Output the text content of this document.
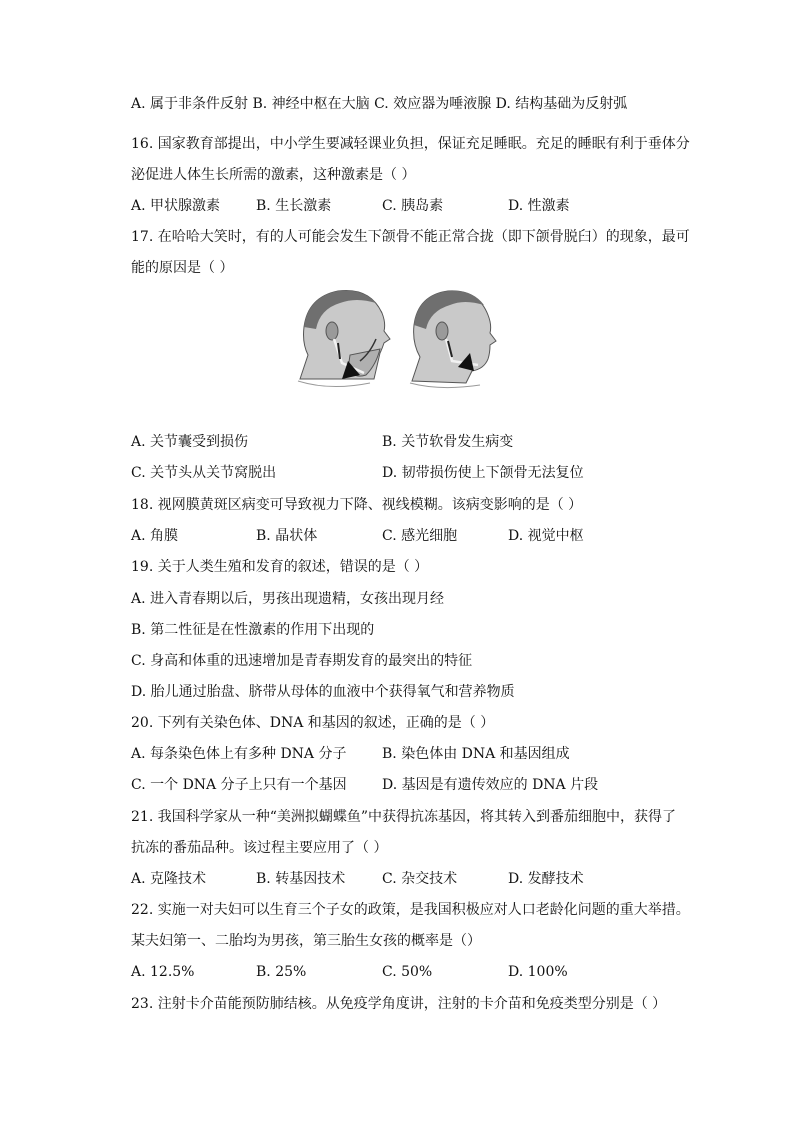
A. 属于非条件反射 B. 神经中枢在大脑 C. 效应器为唾液腺 D. 结构基础为反射弧
16. 国家教育部提出，中小学生要减轻课业负担，保证充足睡眠。充足的睡眠有利于垂体分
泌促进人体生长所需的激素，这种激素是（ ）
A. 甲状腺激素	B. 生长激素	C. 胰岛素	D. 性激素
17. 在哈哈大笑时，有的人可能会发生下颌骨不能正常合拢（即下颌骨脱臼）的现象，最可
能的原因是（ ）
A. 关节囊受到损伤	B. 关节软骨发生病变
C. 关节头从关节窝脱出	D. 韧带损伤使上下颌骨无法复位
18. 视网膜黄斑区病变可导致视力下降、视线模糊。该病变影响的是（ ）
A. 角膜	B. 晶状体	C. 感光细胞	D. 视觉中枢
19. 关于人类生殖和发育的叙述，错误的是（ ）
A. 进入青春期以后，男孩出现遗精，女孩出现月经
B. 第二性征是在性激素的作用下出现的
C. 身高和体重的迅速增加是青春期发育的最突出的特征
D. 胎儿通过胎盘、脐带从母体的血液中个获得氧气和营养物质
20. 下列有关染色体、DNA 和基因的叙述，正确的是（ ）
A. 每条染色体上有多种 DNA 分子	B. 染色体由 DNA 和基因组成
C. 一个 DNA 分子上只有一个基因	D. 基因是有遗传效应的 DNA 片段
21. 我国科学家从一种“美洲拟蝴蝶鱼”中获得抗冻基因，将其转入到番茄细胞中，获得了
抗冻的番茄品种。该过程主要应用了（ ）
A. 克隆技术	B. 转基因技术	C. 杂交技术	D. 发酵技术
22. 实施一对夫妇可以生育三个子女的政策，是我国积极应对人口老龄化问题的重大举措。
某夫妇第一、二胎均为男孩，第三胎生女孩的概率是（）
A. 12.5%	B. 25%	C. 50%	D. 100%
23. 注射卡介苗能预防肺结核。从免疫学角度讲，注射的卡介苗和免疫类型分别是（ ）
